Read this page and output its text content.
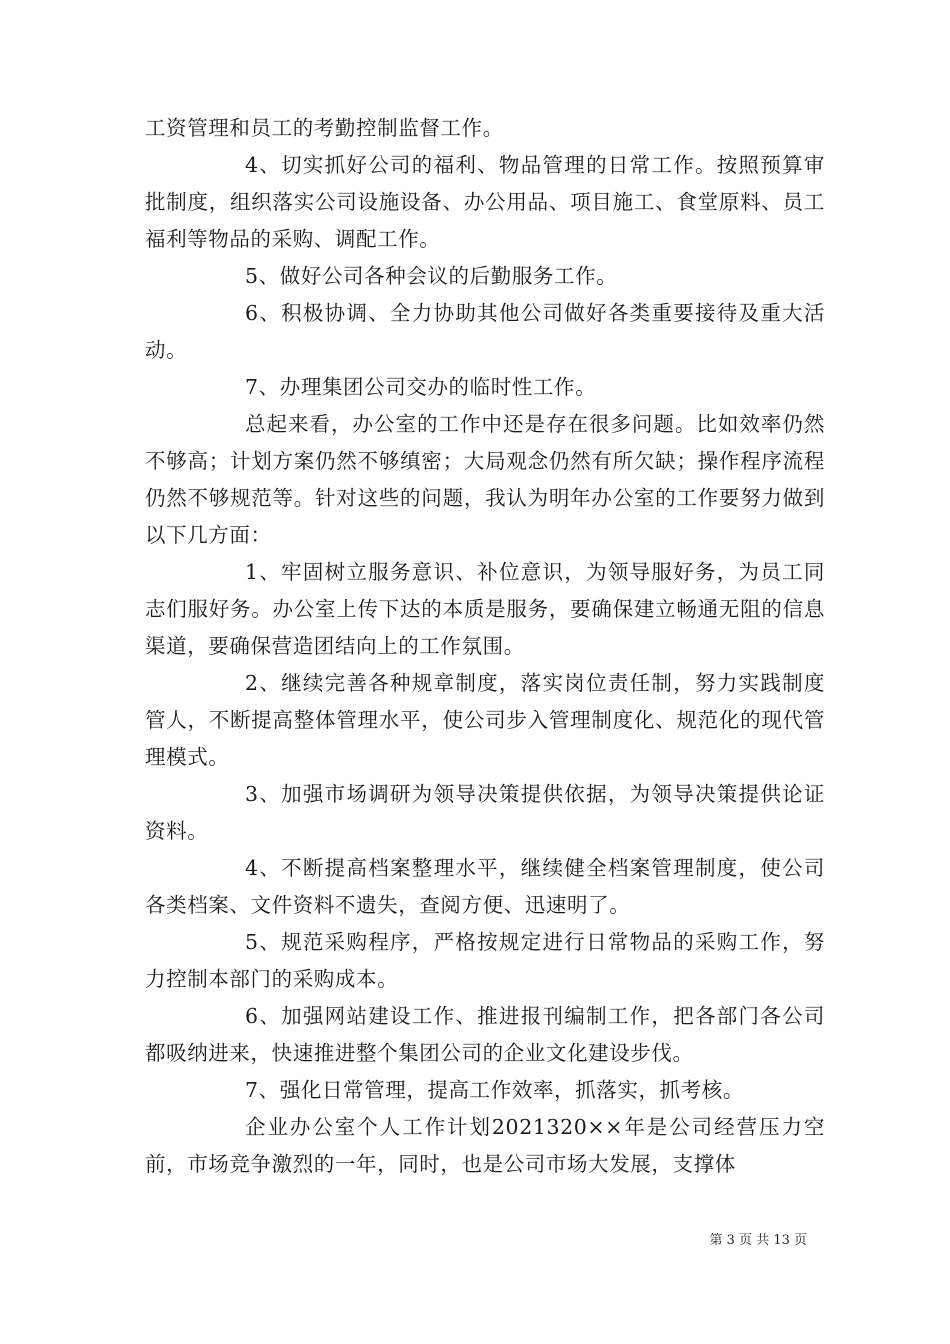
工资管理和员工的考勤控制监督工作。

4、切实抓好公司的福利、物品管理的日常工作。按照预算审批制度，组织落实公司设施设备、办公用品、项目施工、食堂原料、员工福利等物品的采购、调配工作。

5、做好公司各种会议的后勤服务工作。

6、积极协调、全力协助其他公司做好各类重要接待及重大活动。

7、办理集团公司交办的临时性工作。

总起来看，办公室的工作中还是存在很多问题。比如效率仍然不够高；计划方案仍然不够缜密；大局观念仍然有所欠缺；操作程序流程仍然不够规范等。针对这些的问题，我认为明年办公室的工作要努力做到以下几方面：

1、牢固树立服务意识、补位意识，为领导服好务，为员工同志们服好务。办公室上传下达的本质是服务，要确保建立畅通无阻的信息渠道，要确保营造团结向上的工作氛围。

2、继续完善各种规章制度，落实岗位责任制，努力实践制度管人，不断提高整体管理水平，使公司步入管理制度化、规范化的现代管理模式。

3、加强市场调研为领导决策提供依据，为领导决策提供论证资料。

4、不断提高档案整理水平，继续健全档案管理制度，使公司各类档案、文件资料不遗失，查阅方便、迅速明了。

5、规范采购程序，严格按规定进行日常物品的采购工作，努力控制本部门的采购成本。

6、加强网站建设工作、推进报刊编制工作，把各部门各公司都吸纳进来，快速推进整个集团公司的企业文化建设步伐。

7、强化日常管理，提高工作效率，抓落实，抓考核。

企业办公室个人工作计划2021320××年是公司经营压力空前，市场竞争激烈的一年，同时，也是公司市场大发展，支撑体

第 3 页 共 13 页
